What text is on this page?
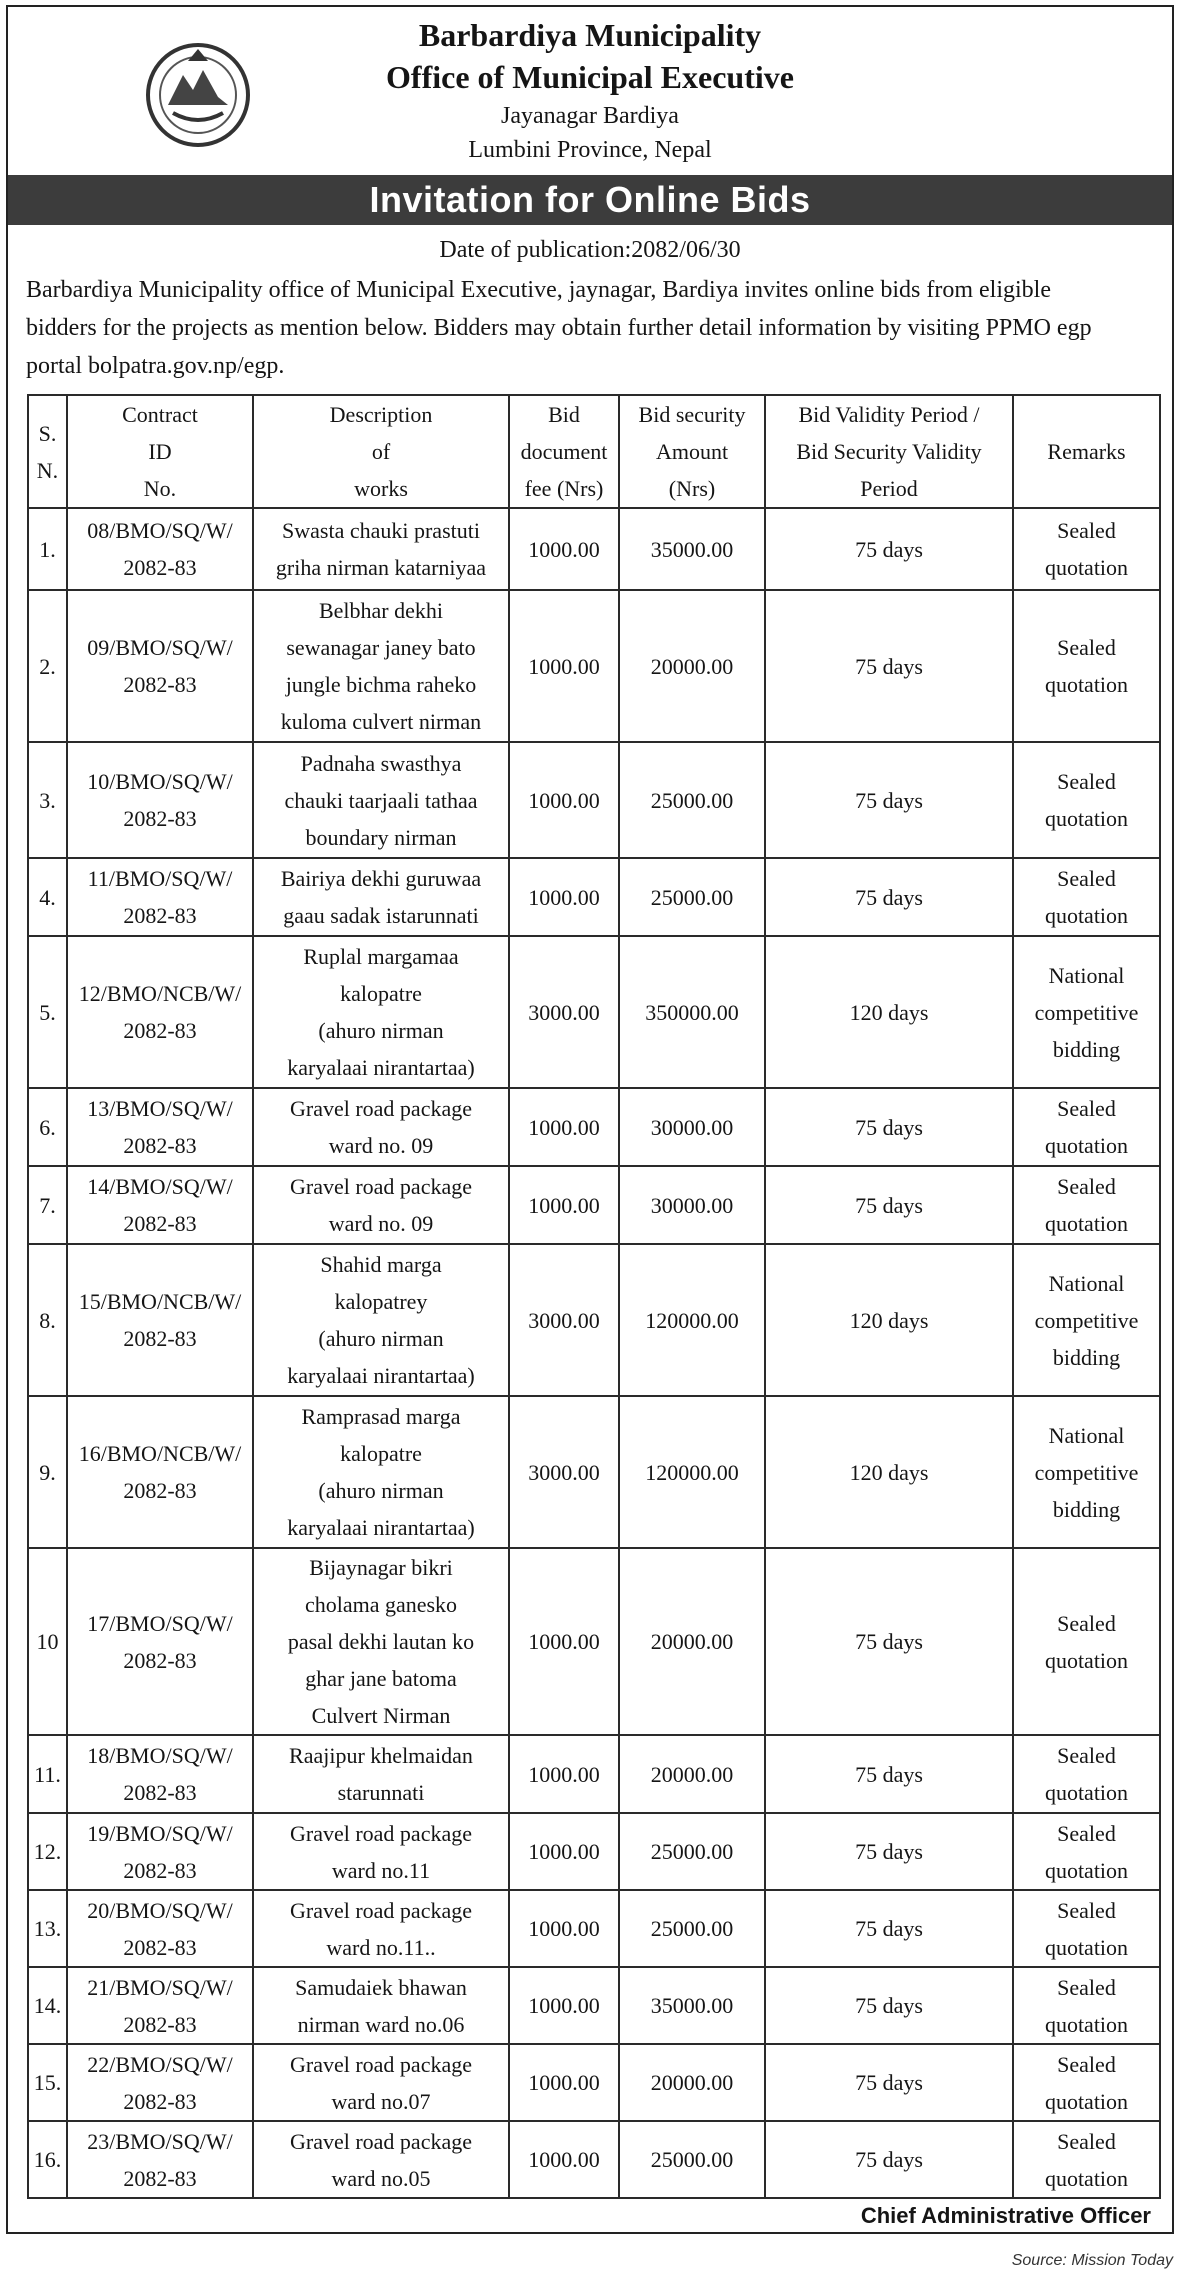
Barbardiya Municipality
Office of Municipal Executive
Jayanagar Bardiya
Lumbini Province, Nepal
Invitation for Online Bids
Date of publication:2082/06/30
Barbardiya Municipality office of Municipal Executive, jaynagar, Bardiya invites online bids from eligible
bidders for the projects as mention below. Bidders may obtain further detail information by visiting PPMO egp
portal bolpatra.gov.np/egp.
S.
N.	Contract
ID
No.	Description
of
works	Bid
document
fee (Nrs)	Bid security
Amount
(Nrs)	Bid Validity Period /
Bid Security Validity
Period	Remarks
1.	08/BMO/SQ/W/
2082-83	Swasta chauki prastuti
griha nirman katarniyaa	1000.00	35000.00	75 days	Sealed
quotation
2.	09/BMO/SQ/W/
2082-83	Belbhar dekhi
sewanagar janey bato
jungle bichma raheko
kuloma culvert nirman	1000.00	20000.00	75 days	Sealed
quotation
3.	10/BMO/SQ/W/
2082-83	Padnaha swasthya
chauki taarjaali tathaa
boundary nirman	1000.00	25000.00	75 days	Sealed
quotation
4.	11/BMO/SQ/W/
2082-83	Bairiya dekhi guruwaa
gaau sadak istarunnati	1000.00	25000.00	75 days	Sealed
quotation
5.	12/BMO/NCB/W/
2082-83	Ruplal margamaa
kalopatre
(ahuro nirman
karyalaai nirantartaa)	3000.00	350000.00	120 days	National
competitive
bidding
6.	13/BMO/SQ/W/
2082-83	Gravel road package
ward no. 09	1000.00	30000.00	75 days	Sealed
quotation
7.	14/BMO/SQ/W/
2082-83	Gravel road package
ward no. 09	1000.00	30000.00	75 days	Sealed
quotation
8.	15/BMO/NCB/W/
2082-83	Shahid marga
kalopatrey
(ahuro nirman
karyalaai nirantartaa)	3000.00	120000.00	120 days	National
competitive
bidding
9.	16/BMO/NCB/W/
2082-83	Ramprasad marga
kalopatre
(ahuro nirman
karyalaai nirantartaa)	3000.00	120000.00	120 days	National
competitive
bidding
10	17/BMO/SQ/W/
2082-83	Bijaynagar bikri
cholama ganesko
pasal dekhi lautan ko
ghar jane batoma
Culvert Nirman	1000.00	20000.00	75 days	Sealed
quotation
11.	18/BMO/SQ/W/
2082-83	Raajipur khelmaidan
starunnati	1000.00	20000.00	75 days	Sealed
quotation
12.	19/BMO/SQ/W/
2082-83	Gravel road package
ward no.11	1000.00	25000.00	75 days	Sealed
quotation
13.	20/BMO/SQ/W/
2082-83	Gravel road package
ward no.11..	1000.00	25000.00	75 days	Sealed
quotation
14.	21/BMO/SQ/W/
2082-83	Samudaiek bhawan
nirman ward no.06	1000.00	35000.00	75 days	Sealed
quotation
15.	22/BMO/SQ/W/
2082-83	Gravel road package
ward no.07	1000.00	20000.00	75 days	Sealed
quotation
16.	23/BMO/SQ/W/
2082-83	Gravel road package
ward no.05	1000.00	25000.00	75 days	Sealed
quotation
Chief Administrative Officer
Source: Mission Today
